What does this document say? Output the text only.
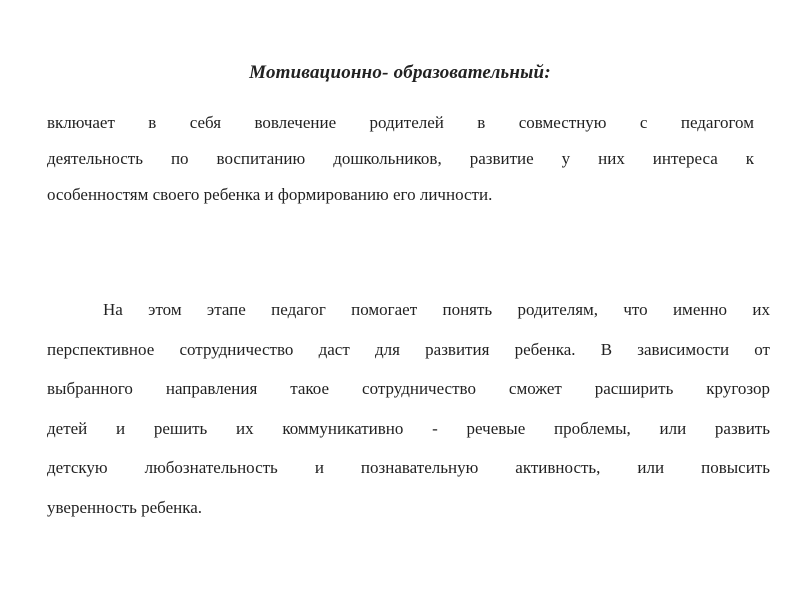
Мотивационно- образовательный:
включает в себя вовлечение родителей в совместную с педагогом
деятельность по воспитанию дошкольников, развитие у них интереса к
особенностям своего ребенка и формированию его личности.
На этом этапе педагог помогает понять родителям, что именно их
перспективное сотрудничество даст для развития ребенка. В зависимости от
выбранного направления такое сотрудничество сможет расширить кругозор
детей и решить их коммуникативно - речевые проблемы, или развить
детскую любознательность и познавательную активность, или повысить
уверенность ребенка.
